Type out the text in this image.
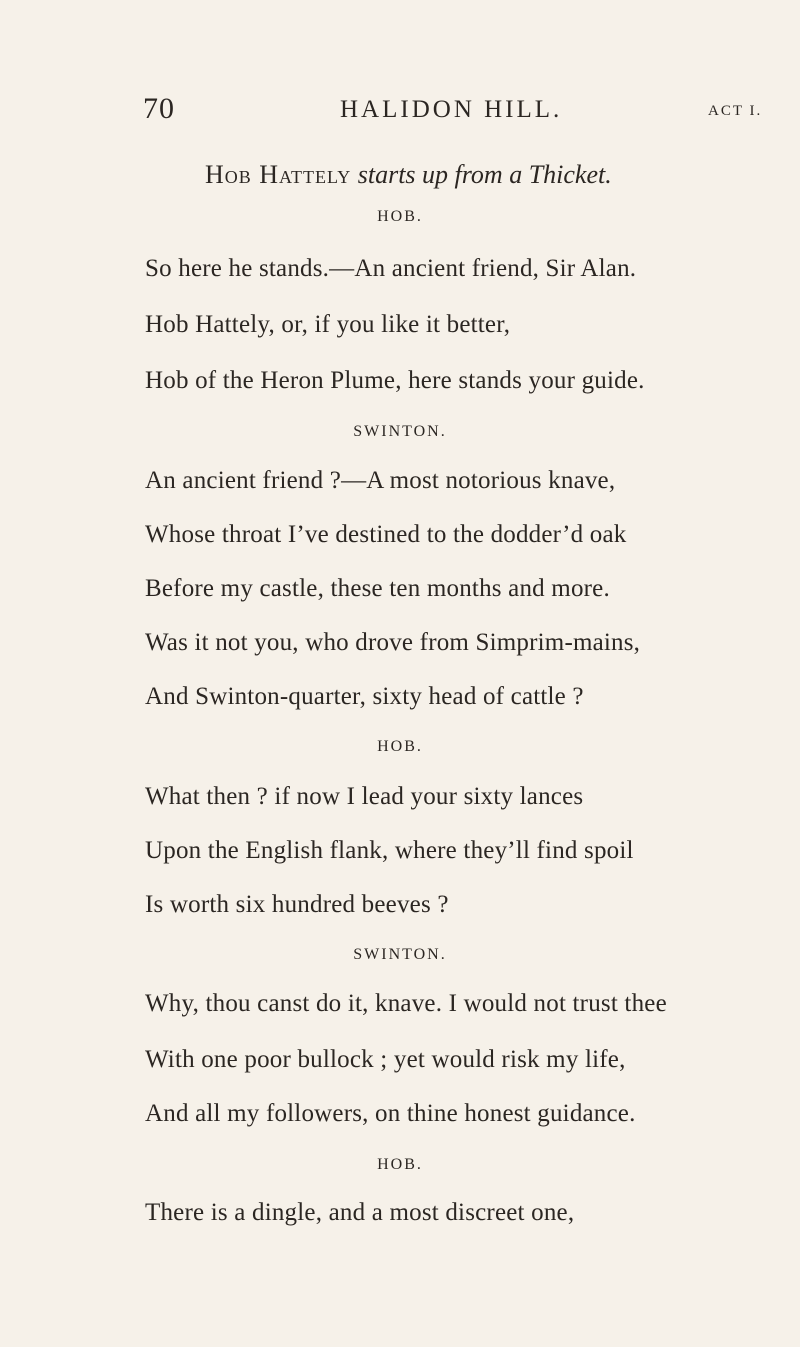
70	HALIDON HILL.	ACT I.
Hob Hattely starts up from a Thicket.
HOB.
So here he stands.—An ancient friend, Sir Alan.
Hob Hattely, or, if you like it better,
Hob of the Heron Plume, here stands your guide.
SWINTON.
An ancient friend ?—A most notorious knave,
Whose throat I’ve destined to the dodder’d oak
Before my castle, these ten months and more.
Was it not you, who drove from Simprim-mains,
And Swinton-quarter, sixty head of cattle ?
HOB.
What then ? if now I lead your sixty lances
Upon the English flank, where they’ll find spoil
Is worth six hundred beeves ?
SWINTON.
Why, thou canst do it, knave. I would not trust thee
With one poor bullock ; yet would risk my life,
And all my followers, on thine honest guidance.
HOB.
There is a dingle, and a most discreet one,
